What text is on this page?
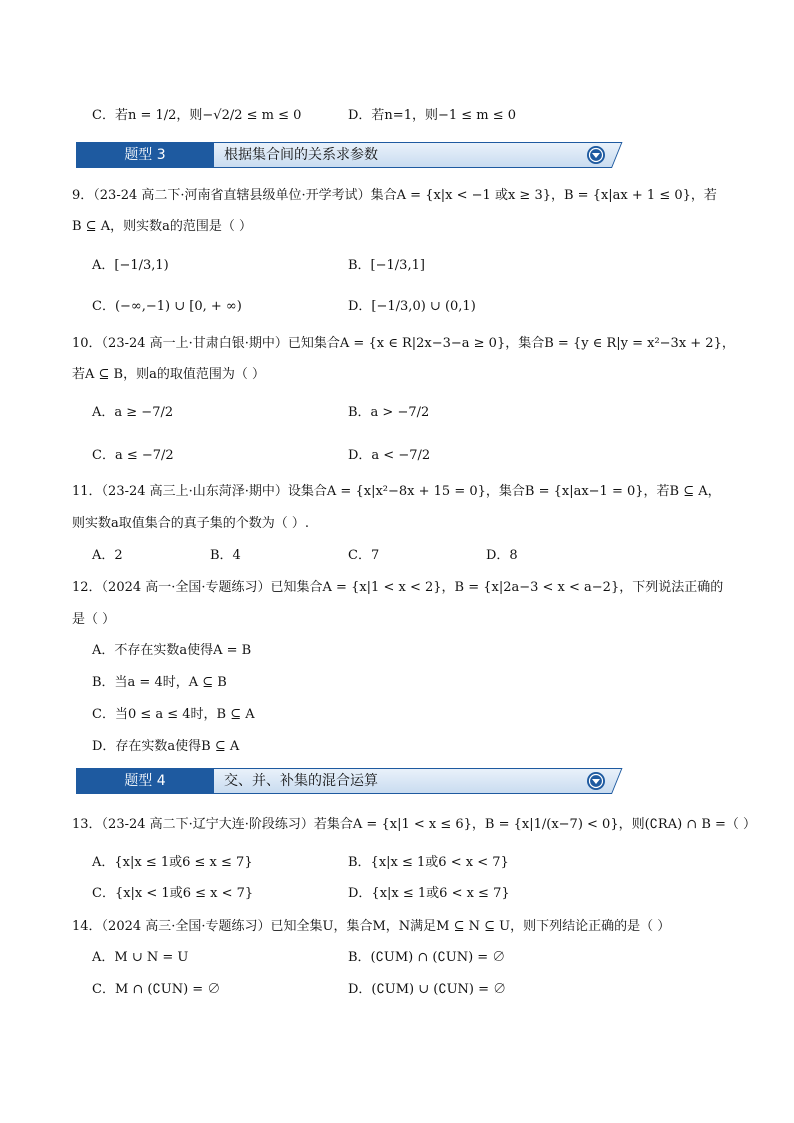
C．若n = 1/2，则−√2/2 ≤ m ≤ 0	D．若n=1，则−1 ≤ m ≤ 0
题型 3	根据集合间的关系求参数
9．（23-24 高二下·河南省直辖县级单位·开学考试）集合A = {x|x < −1 或x ≥ 3}，B = {x|ax + 1 ≤ 0}，若
B ⊆ A，则实数a的范围是（ ）
A．[−1/3,1)	B．[−1/3,1]
C．(−∞,−1) ∪ [0, + ∞)	D．[−1/3,0) ∪ (0,1)
10．（23-24 高一上·甘肃白银·期中）已知集合A = {x ∈ R|2x−3−a ≥ 0}，集合B = {y ∈ R|y = x²−3x + 2}，
若A ⊆ B，则a的取值范围为（ ）
A．a ≥ −7/2	B．a > −7/2
C．a ≤ −7/2	D．a < −7/2
11．（23-24 高三上·山东菏泽·期中）设集合A = {x|x²−8x + 15 = 0}，集合B = {x|ax−1 = 0}，若B ⊆ A，
则实数a取值集合的真子集的个数为（ ）.
A．2	B．4	C．7	D．8
12．（2024 高一·全国·专题练习）已知集合A = {x|1 < x < 2}，B = {x|2a−3 < x < a−2}，下列说法正确的
是（ ）
A．不存在实数a使得A = B
B．当a = 4时，A ⊆ B
C．当0 ≤ a ≤ 4时，B ⊆ A
D．存在实数a使得B ⊆ A
题型 4	交、并、补集的混合运算
13．（23-24 高二下·辽宁大连·阶段练习）若集合A = {x|1 < x ≤ 6}，B = {x|1/(x−7) < 0}，则(∁RA) ∩ B =（ ）
A．{x|x ≤ 1或6 ≤ x ≤ 7}	B．{x|x ≤ 1或6 < x < 7}
C．{x|x < 1或6 ≤ x < 7}	D．{x|x ≤ 1或6 < x ≤ 7}
14．（2024 高三·全国·专题练习）已知全集U，集合M，N满足M ⊆ N ⊆ U，则下列结论正确的是（ ）
A．M ∪ N = U	B．(∁UM) ∩ (∁UN) = ∅
C．M ∩ (∁UN) = ∅	D．(∁UM) ∪ (∁UN) = ∅
